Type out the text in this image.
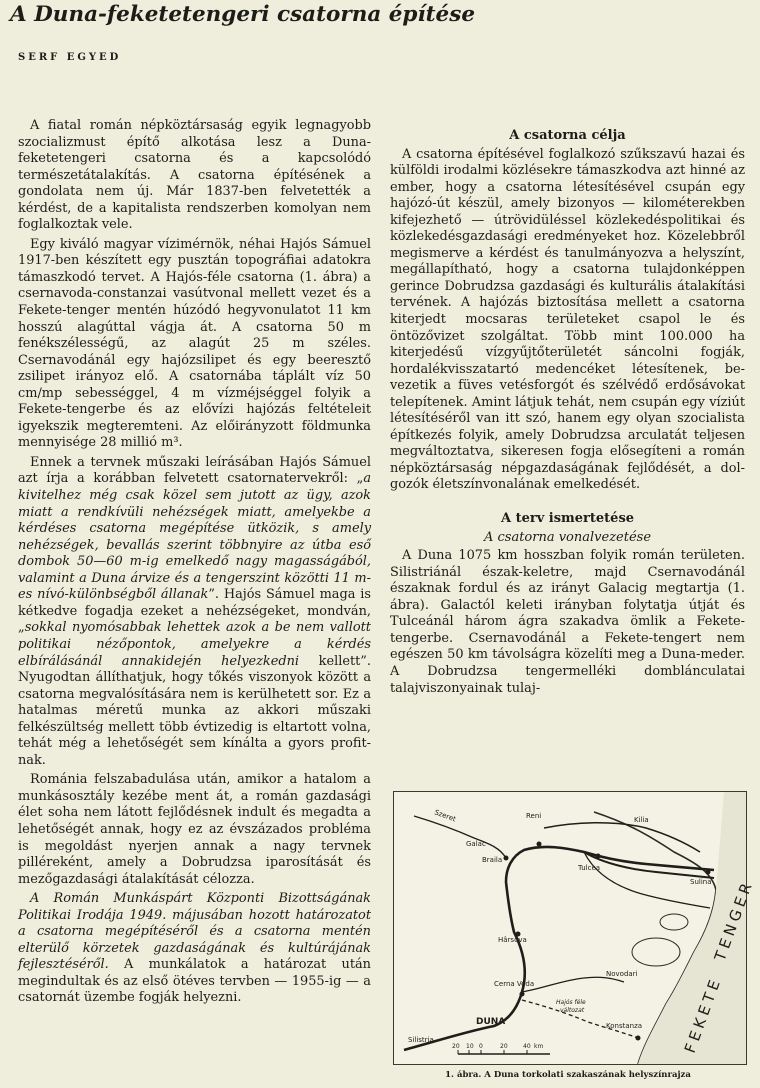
A Duna-feketetengeri csatorna építése
SERF EGYED

A fiatal román népköztársaság egyik legnagyobb szocializmust építő alkotása lesz a Duna-feketetengeri csatorna és a kapcsolódó természetátalakítás. A csatorna építésének a gondolata nem új. Már 1837-ben felvetették a kérdést, de a kapitalista rendszerben komolyan nem foglalkoztak vele.

Egy kiváló magyar vízimérnök, néhai Hajós Sámuel 1917-ben készített egy pusztán topográfiai adatokra támaszkodó tervet. A Hajós-féle csatorna (1. ábra) a csernavoda-constanzai vasútvonal mellett vezet és a Fekete-tenger mentén húzódó hegyvonulatot 11 km hosszú alagúttal vágja át. A csatorna 50 m fenékszélességű, az alagút 25 m széles. Csernavodánál egy hajózsilipet és egy beeresztő zsilipet irányoz elő. A csatornába táplált víz 50 cm/mp sebességgel, 4 m vízméjséggel folyik a Fekete-tengerbe és az elővízi hajózás feltételeit igyekszik megteremteni. Az előirányzott földmunka mennyisége 28 millió m³.

Ennek a tervnek műszaki leírásában Hajós Sámuel azt írja a korábban felvetett csatornatervekről: „a kivitelhez még csak közel sem jutott az ügy, azok miatt a rendkívüli nehézségek miatt, amelyekbe a kérdéses csatorna megépítése ütközik, s amely nehézségek, bevallás szerint többnyire az útba eső dombok 50—60 m-ig emelkedő nagy magasságából, valamint a Duna árvize és a tengerszint közötti 11 m-es nívó-különbségből állanak”. Hajós Sámuel maga is kétkedve fogadja ezeket a nehézségeket, mondván, „sokkal nyomósabbak lehettek azok a be nem vallott politikai nézőpontok, amelyekre a kérdés elbírálásánál annakidején helyezkedni kellett”. Nyugodtan állíthatjuk, hogy tőkés viszonyok között a csatorna megvalósítására nem is kerülhetett sor. Ez a hatalmas méretű munka az akkori műszaki felkészültség mellett több évtizedig is eltartott volna, tehát még a lehetőségét sem kínálta a gyors profitnak.

Románia felszabadulása után, amikor a hatalom a munkásosztály kezébe ment át, a román gazdasági élet soha nem látott fejlődésnek indult és megadta a lehetőségét annak, hogy ez az évszázados probléma is megoldást nyerjen annak a nagy tervnek pilléreként, amely a Dobrudzsa iparosítását és mezőgazdasági átalakítását célozza.

A Román Munkáspárt Központi Bizottságának Politikai Irodája 1949. májusában hozott határozatot a csatorna megépítéséről és a csatorna mentén elterülő körzetek gazdaságának és kultúrájának fejlesztéséről. A munkálatok a határozat után megindultak és az első ötéves tervben — 1955-ig — a csatornát üzembe fogják helyezni.

A csatorna célja

A csatorna építésével foglalkozó szűkszavú hazai és külföldi irodalmi közlésekre támaszkodva azt hinné az ember, hogy a csatorna létesítésével csupán egy hajózó-út készül, amely bizonyos — kilométerekben kifejezhető — útrövidüléssel közlekedéspolitikai és közlekedésgazdasági eredményeket hoz. Közelebbről megismerve a kérdést és tanulmányozva a helyszínt, megállapítható, hogy a csatorna tulajdonképpen gerince Dobrudzsa gazdasági és kulturális átalakítási tervének. A hajózás biztosítása mellett a csatorna kiterjedt mocsaras területeket csapol le és öntözővizet szolgáltat. Több mint 100.000 ha kiterjedésű vízgyűjtőterületét sáncolni fogják, hordalékvisszatartó medencéket létesítenek, bevezetik a füves vetésforgót és szélvédő erdősávokat telepítenek. Amint látjuk tehát, nem csupán egy víziút létesítéséről van itt szó, hanem egy olyan szocialista építkezés folyik, amely Dobrudzsa arculatát teljesen megváltoztatva, sikeresen fogja elősegíteni a román népköztársaság népgazdaságának fejlődését, a dolgozók életszínvonalának emelkedését.

A terv ismertetése
A csatorna vonalvezetése

A Duna 1075 km hosszban folyik román területen. Silistriánál észak-keletre, majd Csernavodánál északnak fordul és az irányt Galacig megtartja (1. ábra). Galactól keleti irányban folytatja útját és Tulceánál három ágra szakadva ömlik a Fekete-tengerbe. Csernavodánál a Fekete-tengert nem egészen 50 km távolságra közelíti meg a Duna-meder. A Dobrudzsa tengermelléki domblánculatai talajviszonyainak tulaj-

Szeret	Reni
Galac
Kilia
Braila
Sulina
Tulcea
Hârsova
Cerna Voda
Novodari
Hajós féle
változat
Konstanza
Silistria
DUNA	FEKETE
TENGER
20 10 0	20	40 km
1. ábra. A Duna torkolati szakaszának helyszínrajza
